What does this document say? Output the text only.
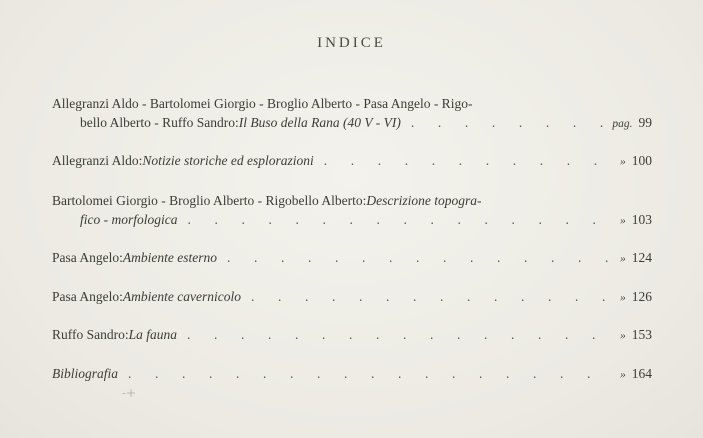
INDICE
Allegranzi Aldo - Bartolomei Giorgio - Broglio Alberto - Pasa Angelo - Rigo-
bello Alberto - Ruffo Sandro: Il Buso della Rana (40 V - VI) .	pag. 99
Allegranzi Aldo: Notizie storiche ed esplorazioni .	» 100
Bartolomei Giorgio - Broglio Alberto - Rigobello Alberto: Descrizione topogra-
fico - morfologica .	» 103
Pasa Angelo: Ambiente esterno .	» 124
Pasa Angelo: Ambiente cavernicolo .	» 126
Ruffo Sandro: La fauna .	» 153
Bibliografia .	» 164
-+
